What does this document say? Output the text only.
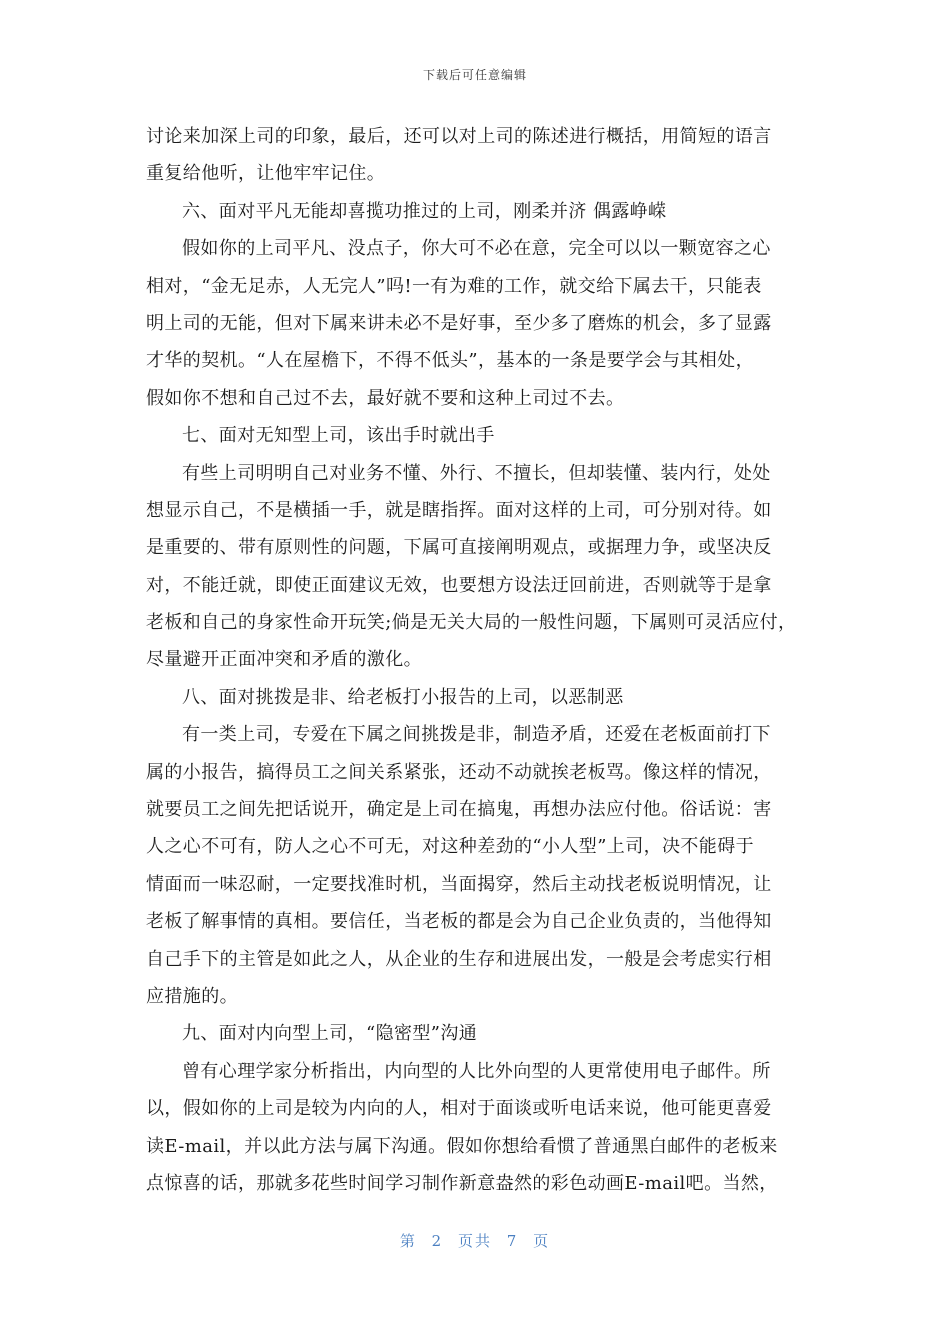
下载后可任意编辑
讨论来加深上司的印象，最后，还可以对上司的陈述进行概括，用简短的语言
重复给他听，让他牢牢记住。
六、面对平凡无能却喜揽功推过的上司，刚柔并济 偶露峥嵘
假如你的上司平凡、没点子，你大可不必在意，完全可以以一颗宽容之心
相对，“金无足赤，人无完人”吗!一有为难的工作，就交给下属去干，只能表
明上司的无能，但对下属来讲未必不是好事，至少多了磨炼的机会，多了显露
才华的契机。“人在屋檐下，不得不低头”，基本的一条是要学会与其相处，
假如你不想和自己过不去，最好就不要和这种上司过不去。
七、面对无知型上司，该出手时就出手
有些上司明明自己对业务不懂、外行、不擅长，但却装懂、装内行，处处
想显示自己，不是横插一手，就是瞎指挥。面对这样的上司，可分别对待。如
是重要的、带有原则性的问题，下属可直接阐明观点，或据理力争，或坚决反
对，不能迁就，即使正面建议无效，也要想方设法迂回前进，否则就等于是拿
老板和自己的身家性命开玩笑;倘是无关大局的一般性问题，下属则可灵活应付，
尽量避开正面冲突和矛盾的激化。
八、面对挑拨是非、给老板打小报告的上司，以恶制恶
有一类上司，专爱在下属之间挑拨是非，制造矛盾，还爱在老板面前打下
属的小报告，搞得员工之间关系紧张，还动不动就挨老板骂。像这样的情况，
就要员工之间先把话说开，确定是上司在搞鬼，再想办法应付他。俗话说：害
人之心不可有，防人之心不可无，对这种差劲的“小人型”上司，决不能碍于
情面而一味忍耐，一定要找准时机，当面揭穿，然后主动找老板说明情况，让
老板了解事情的真相。要信任，当老板的都是会为自己企业负责的，当他得知
自己手下的主管是如此之人，从企业的生存和进展出发，一般是会考虑实行相
应措施的。
九、面对内向型上司，“隐密型”沟通
曾有心理学家分析指出，内向型的人比外向型的人更常使用电子邮件。所
以，假如你的上司是较为内向的人，相对于面谈或听电话来说，他可能更喜爱
读E-mail，并以此方法与属下沟通。假如你想给看惯了普通黑白邮件的老板来
点惊喜的话，那就多花些时间学习制作新意盎然的彩色动画E-mail吧。当然，
第 2 页共 7 页
